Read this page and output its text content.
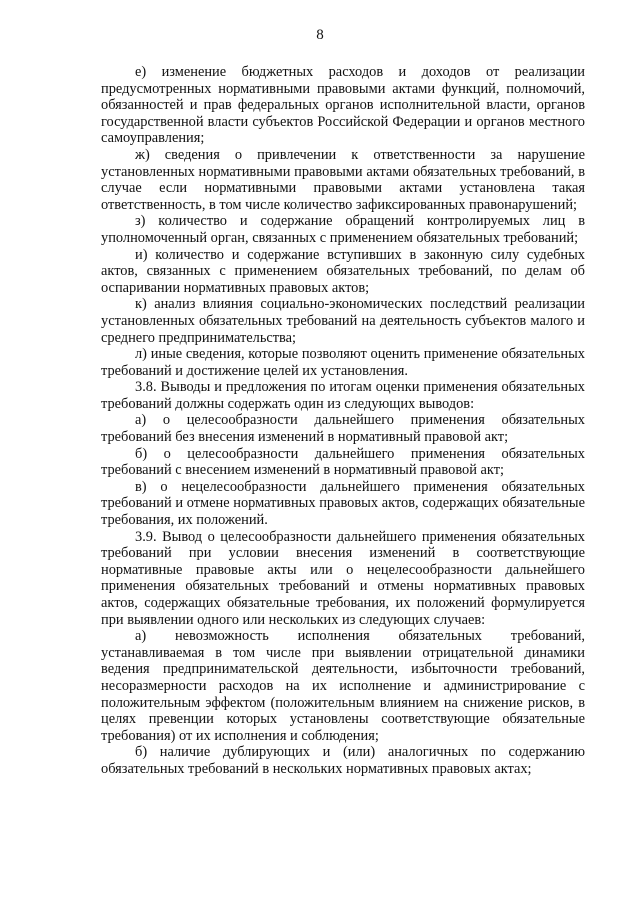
8

е) изменение бюджетных расходов и доходов от реализации предусмотренных нормативными правовыми актами функций, полномочий, обязанностей и прав федеральных органов исполнительной власти, органов государственной власти субъектов Российской Федерации и органов местного самоуправления;

ж) сведения о привлечении к ответственности за нарушение установленных нормативными правовыми актами обязательных требований, в случае если нормативными правовыми актами установлена такая ответственность, в том числе количество зафиксированных правонарушений;

з) количество и содержание обращений контролируемых лиц в уполномоченный орган, связанных с применением обязательных требований;

и) количество и содержание вступивших в законную силу судебных актов, связанных с применением обязательных требований, по делам об оспаривании нормативных правовых актов;

к) анализ влияния социально-экономических последствий реализации установленных обязательных требований на деятельность субъектов малого и среднего предпринимательства;

л) иные сведения, которые позволяют оценить применение обязательных требований и достижение целей их установления.

3.8. Выводы и предложения по итогам оценки применения обязательных требований должны содержать один из следующих выводов:

а) о целесообразности дальнейшего применения обязательных требований без внесения изменений в нормативный правовой акт;

б) о целесообразности дальнейшего применения обязательных требований с внесением изменений в нормативный правовой акт;

в) о нецелесообразности дальнейшего применения обязательных требований и отмене нормативных правовых актов, содержащих обязательные требования, их положений.

3.9. Вывод о целесообразности дальнейшего применения обязательных требований при условии внесения изменений в соответствующие нормативные правовые акты или о нецелесообразности дальнейшего применения обязательных требований и отмены нормативных правовых актов, содержащих обязательные требования, их положений формулируется при выявлении одного или нескольких из следующих случаев:

а) невозможность исполнения обязательных требований, устанавливаемая в том числе при выявлении отрицательной динамики ведения предпринимательской деятельности, избыточности требований, несоразмерности расходов на их исполнение и администрирование с положительным эффектом (положительным влиянием на снижение рисков, в целях превенции которых установлены соответствующие обязательные требования) от их исполнения и соблюдения;

б) наличие дублирующих и (или) аналогичных по содержанию обязательных требований в нескольких нормативных правовых актах;
